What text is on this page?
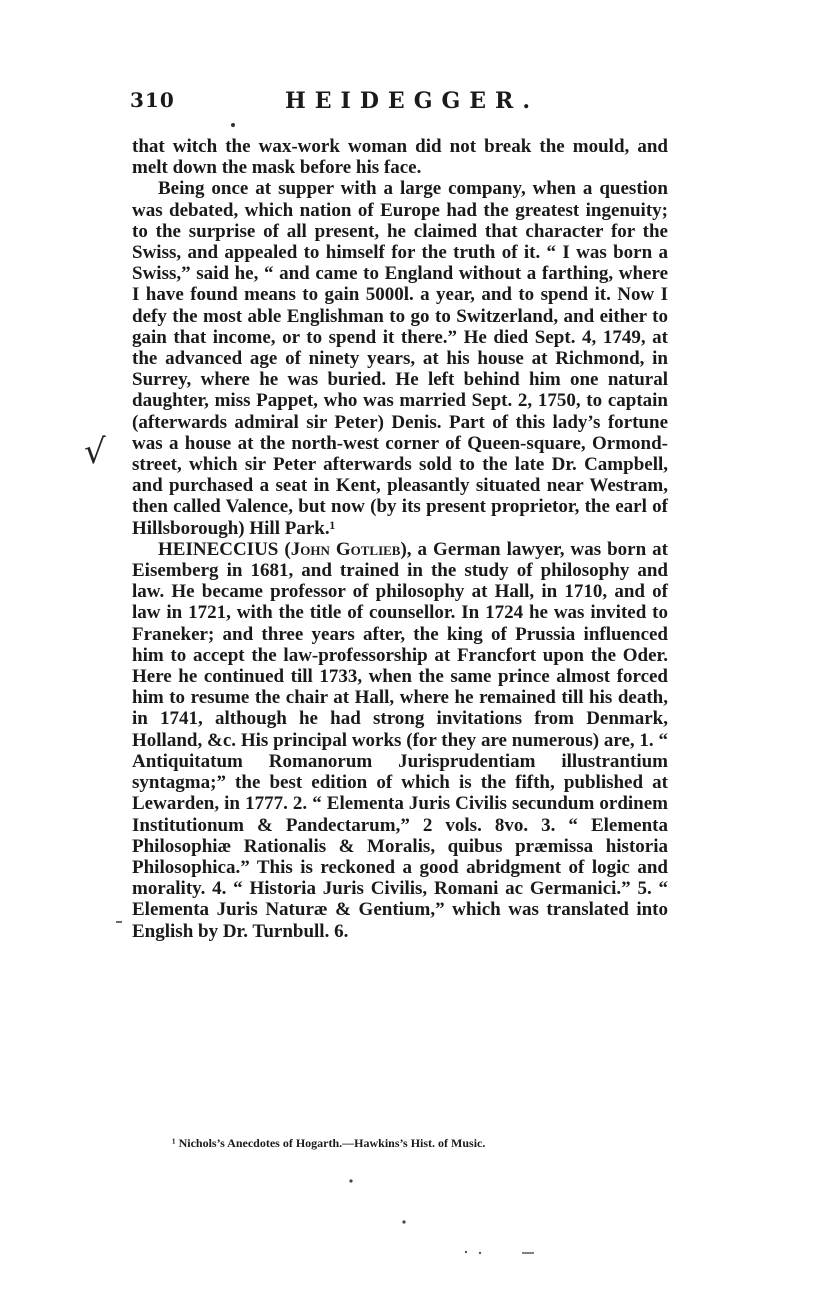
310	HEIDEGGER.

that witch the wax-work woman did not break the mould, and melt down the mask before his face.

Being once at supper with a large company, when a question was debated, which nation of Europe had the greatest ingenuity; to the surprise of all present, he claimed that character for the Swiss, and appealed to himself for the truth of it. “ I was born a Swiss,” said he, “ and came to England without a farthing, where I have found means to gain 5000l. a year, and to spend it. Now I defy the most able Englishman to go to Switzerland, and either to gain that income, or to spend it there.” He died Sept. 4, 1749, at the advanced age of ninety years, at his house at Richmond, in Surrey, where he was buried. He left behind him one natural daughter, miss Pappet, who was married Sept. 2, 1750, to captain (afterwards admiral sir Peter) Denis. Part of this lady’s fortune was a house at the north-west corner of Queen-square, Ormond-street, which sir Peter afterwards sold to the late Dr. Campbell, and purchased a seat in Kent, pleasantly situated near Westram, then called Valence, but now (by its present proprietor, the earl of Hillsborough) Hill Park.¹

HEINECCIUS (John Gotlieb), a German lawyer, was born at Eisemberg in 1681, and trained in the study of philosophy and law. He became professor of philosophy at Hall, in 1710, and of law in 1721, with the title of counsellor. In 1724 he was invited to Franeker; and three years after, the king of Prussia influenced him to accept the law-professorship at Francfort upon the Oder. Here he continued till 1733, when the same prince almost forced him to resume the chair at Hall, where he remained till his death, in 1741, although he had strong invitations from Denmark, Holland, &c. His principal works (for they are numerous) are, 1. “ Antiquitatum Romanorum Jurisprudentiam illustrantium syntagma;” the best edition of which is the fifth, published at Lewarden, in 1777. 2. “ Elementa Juris Civilis secundum ordinem Institutionum & Pandectarum,” 2 vols. 8vo. 3. “ Elementa Philosophiæ Rationalis & Moralis, quibus præmissa historia Philosophica.” This is reckoned a good abridgment of logic and morality. 4. “ Historia Juris Civilis, Romani ac Germanici.” 5. “ Elementa Juris Naturæ & Gentium,” which was translated into English by Dr. Turnbull. 6.

√
¹ Nichols’s Anecdotes of Hogarth.—Hawkins’s Hist. of Music.
